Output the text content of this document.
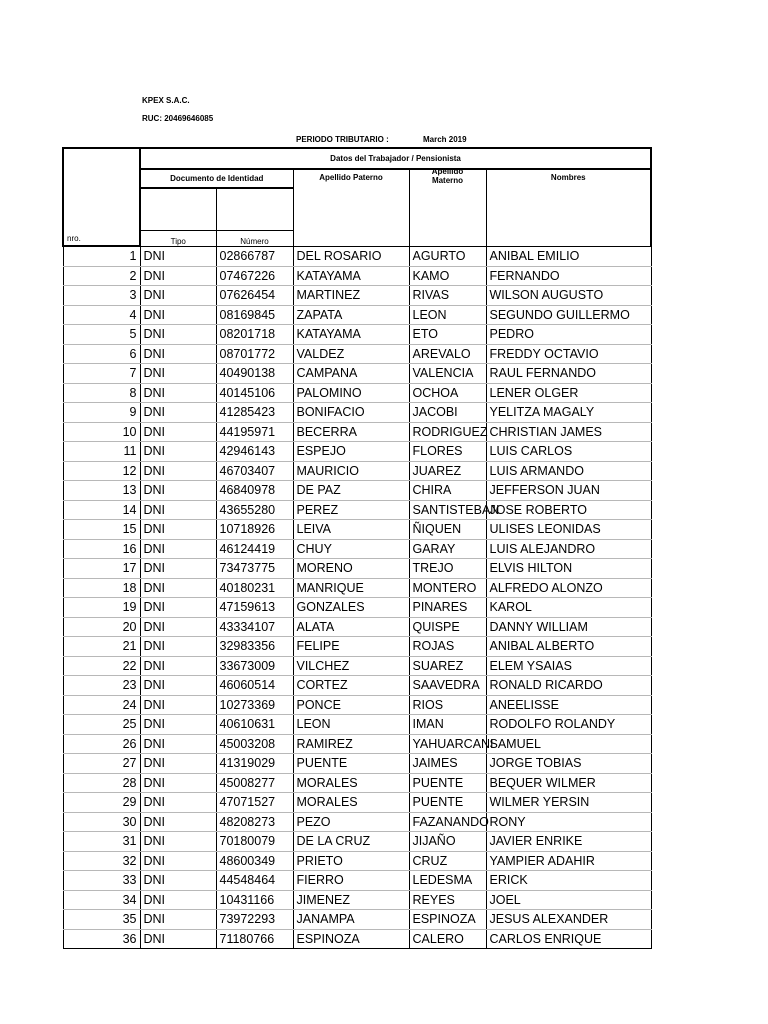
KPEX S.A.C.
RUC: 20469646085
PERIODO TRIBUTARIO :	March 2019
nro.	Datos del Trabajador / Pensionista				
	Documento de Identidad		Apellido Paterno	Apellido
Materno	Nombres

	Tipo	Número			
1	DNI	02866787	DEL ROSARIO	AGURTO	ANIBAL EMILIO
2	DNI	07467226	KATAYAMA	KAMO	FERNANDO
3	DNI	07626454	MARTINEZ	RIVAS	WILSON AUGUSTO
4	DNI	08169845	ZAPATA	LEON	SEGUNDO GUILLERMO
5	DNI	08201718	KATAYAMA	ETO	PEDRO
6	DNI	08701772	VALDEZ	AREVALO	FREDDY OCTAVIO
7	DNI	40490138	CAMPANA	VALENCIA	RAUL FERNANDO
8	DNI	40145106	PALOMINO	OCHOA	LENER OLGER
9	DNI	41285423	BONIFACIO	JACOBI	YELITZA MAGALY
10	DNI	44195971	BECERRA	RODRIGUEZ	CHRISTIAN JAMES
11	DNI	42946143	ESPEJO	FLORES	LUIS CARLOS
12	DNI	46703407	MAURICIO	JUAREZ	LUIS ARMANDO
13	DNI	46840978	DE PAZ	CHIRA	JEFFERSON JUAN
14	DNI	43655280	PEREZ	SANTISTEBAN	JOSE ROBERTO
15	DNI	10718926	LEIVA	ÑIQUEN	ULISES LEONIDAS
16	DNI	46124419	CHUY	GARAY	LUIS ALEJANDRO
17	DNI	73473775	MORENO	TREJO	ELVIS HILTON
18	DNI	40180231	MANRIQUE	MONTERO	ALFREDO ALONZO
19	DNI	47159613	GONZALES	PINARES	KAROL
20	DNI	43334107	ALATA	QUISPE	DANNY WILLIAM
21	DNI	32983356	FELIPE	ROJAS	ANIBAL ALBERTO
22	DNI	33673009	VILCHEZ	SUAREZ	ELEM YSAIAS
23	DNI	46060514	CORTEZ	SAAVEDRA	RONALD RICARDO
24	DNI	10273369	PONCE	RIOS	ANEELISSE
25	DNI	40610631	LEON	IMAN	RODOLFO ROLANDY
26	DNI	45003208	RAMIREZ	YAHUARCANI	SAMUEL
27	DNI	41319029	PUENTE	JAIMES	JORGE TOBIAS
28	DNI	45008277	MORALES	PUENTE	BEQUER WILMER
29	DNI	47071527	MORALES	PUENTE	WILMER YERSIN
30	DNI	48208273	PEZO	FAZANANDO	RONY
31	DNI	70180079	DE LA CRUZ	JIJAÑO	JAVIER ENRIKE
32	DNI	48600349	PRIETO	CRUZ	YAMPIER ADAHIR
33	DNI	44548464	FIERRO	LEDESMA	ERICK
34	DNI	10431166	JIMENEZ	REYES	JOEL
35	DNI	73972293	JANAMPA	ESPINOZA	JESUS ALEXANDER
36	DNI	71180766	ESPINOZA	CALERO	CARLOS ENRIQUE
